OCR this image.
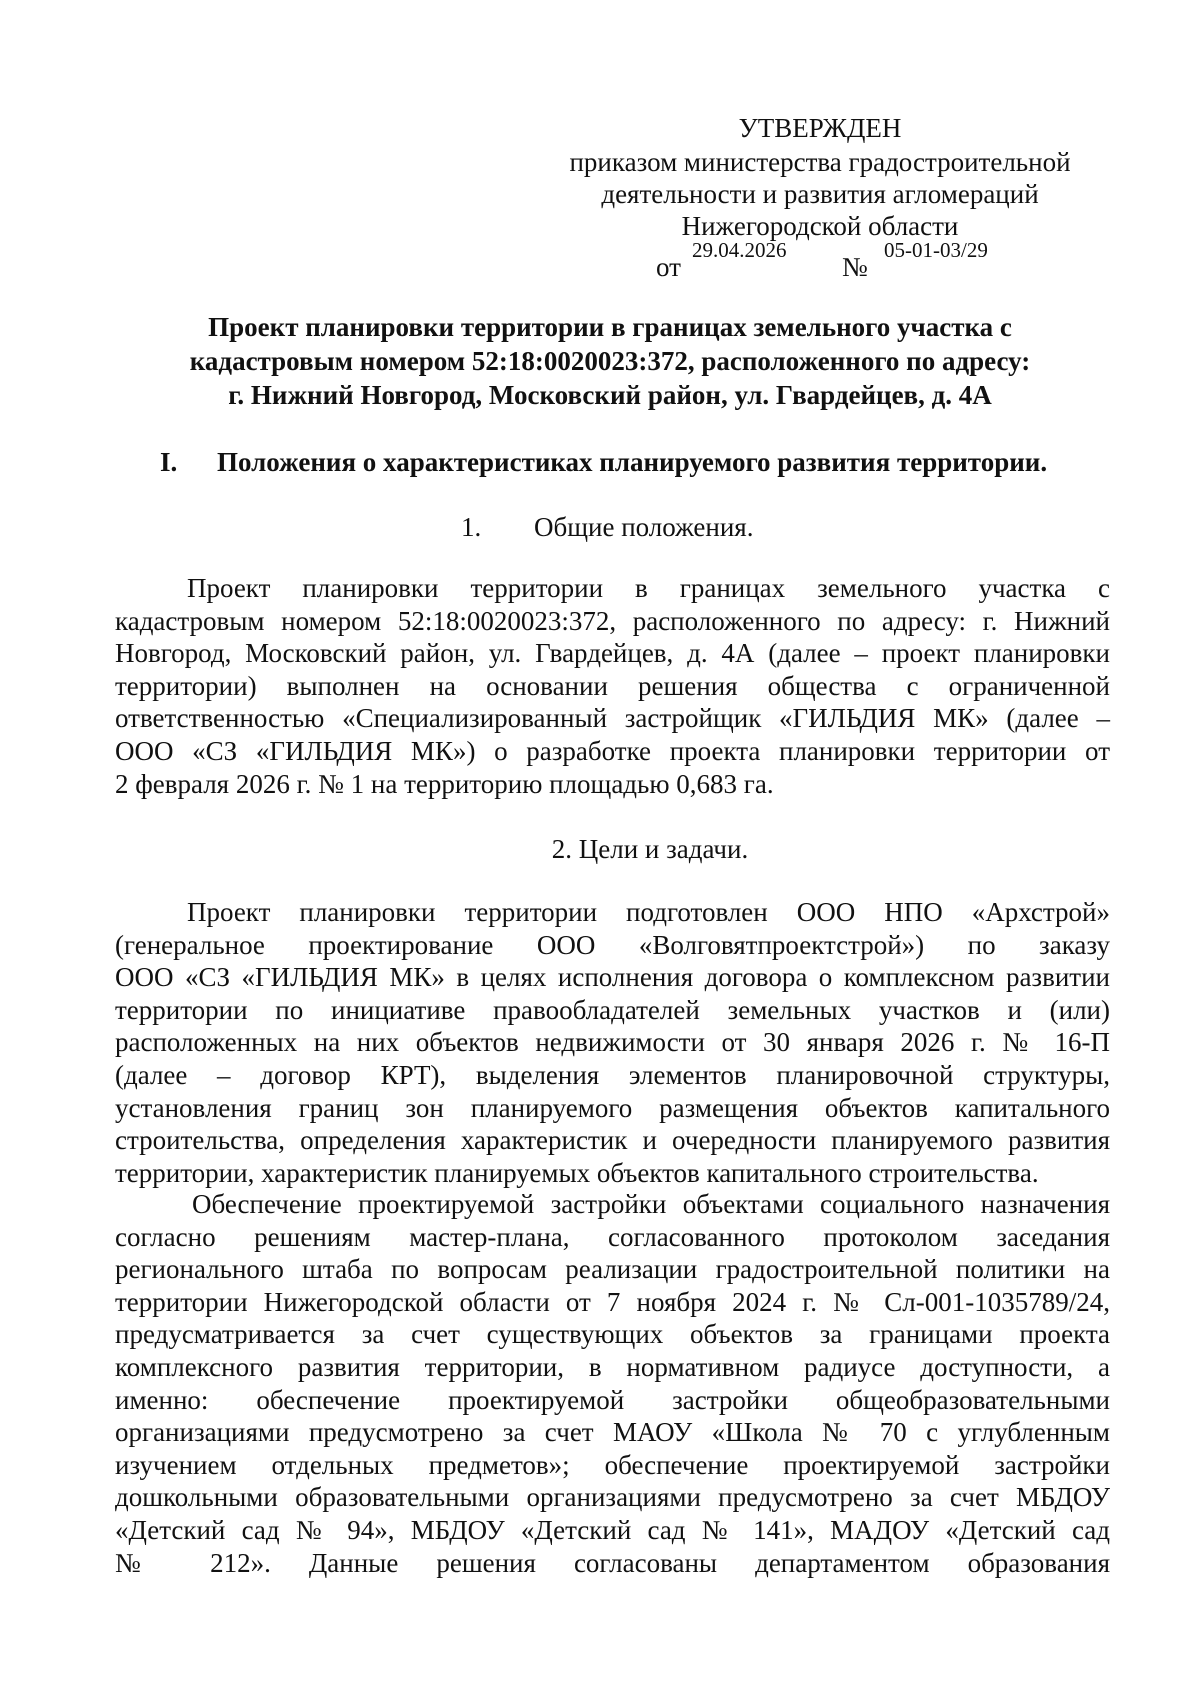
УТВЕРЖДЕН
приказом министерства градостроительной
деятельности и развития агломераций
Нижегородской области
от
29.04.2026
№
05-01-03/29
Проект планировки территории в границах земельного участка с
кадастровым номером 52:18:0020023:372, расположенного по адресу:
г. Нижний Новгород, Московский район, ул. Гвардейцев, д. 4А
I. Положения о характеристиках планируемого развития территории.
1. Общие положения.
Проект планировки территории в границах земельного участка с
кадастровым номером 52:18:0020023:372, расположенного по адресу: г. Нижний
Новгород, Московский район, ул. Гвардейцев, д. 4А (далее – проект планировки
территории) выполнен на основании решения общества с ограниченной
ответственностью «Специализированный застройщик «ГИЛЬДИЯ МК» (далее –
ООО «СЗ «ГИЛЬДИЯ МК») о разработке проекта планировки территории от
2 февраля 2026 г. № 1 на территорию площадью 0,683 га.
2. Цели и задачи.
Проект планировки территории подготовлен ООО НПО «Архстрой»
(генеральное проектирование ООО «Волговятпроектстрой») по заказу
ООО «СЗ «ГИЛЬДИЯ МК» в целях исполнения договора о комплексном развитии
территории по инициативе правообладателей земельных участков и (или)
расположенных на них объектов недвижимости от 30 января 2026 г. № 16-П
(далее – договор КРТ), выделения элементов планировочной структуры,
установления границ зон планируемого размещения объектов капитального
строительства, определения характеристик и очередности планируемого развития
территории, характеристик планируемых объектов капитального строительства.
Обеспечение проектируемой застройки объектами социального назначения
согласно решениям мастер-плана, согласованного протоколом заседания
регионального штаба по вопросам реализации градостроительной политики на
территории Нижегородской области от 7 ноября 2024 г. № Сл-001-1035789/24,
предусматривается за счет существующих объектов за границами проекта
комплексного развития территории, в нормативном радиусе доступности, а
именно: обеспечение проектируемой застройки общеобразовательными
организациями предусмотрено за счет МАОУ «Школа № 70 с углубленным
изучением отдельных предметов»; обеспечение проектируемой застройки
дошкольными образовательными организациями предусмотрено за счет МБДОУ
«Детский сад № 94», МБДОУ «Детский сад № 141», МАДОУ «Детский сад
№ 212». Данные решения согласованы департаментом образования
